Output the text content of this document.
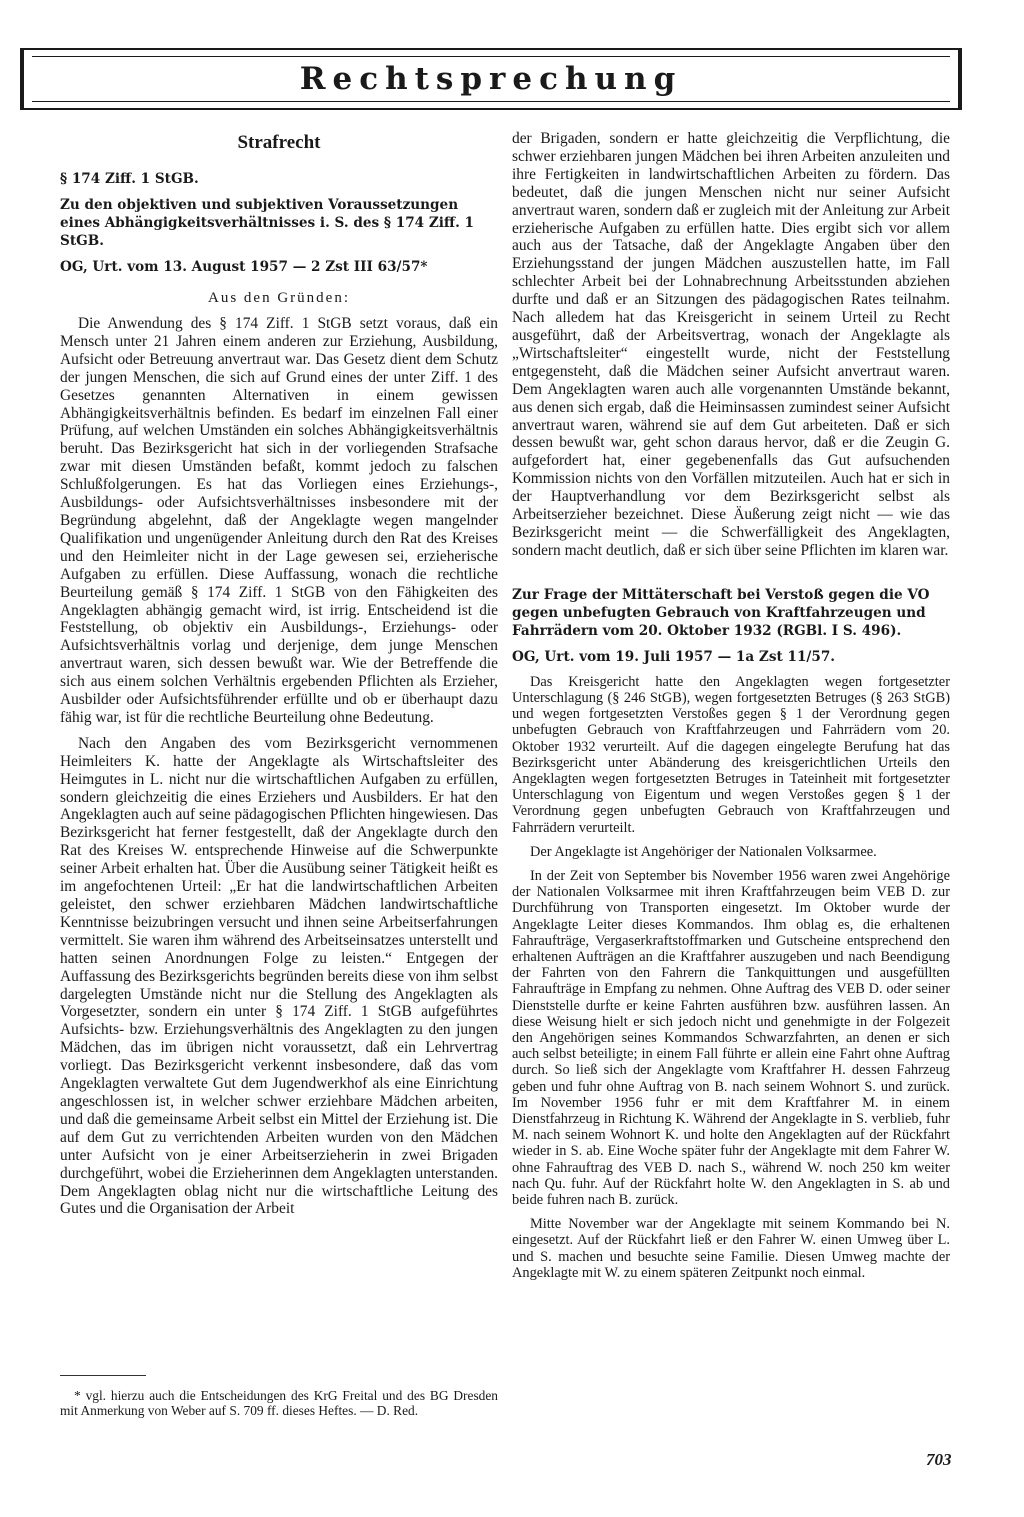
Rechtsprechung
Strafrecht
§ 174 Ziff. 1 StGB.
Zu den objektiven und subjektiven Voraussetzungen eines Abhängigkeitsverhältnisses i. S. des § 174 Ziff. 1 StGB.
OG, Urt. vom 13. August 1957 — 2 Zst III 63/57*
Aus den Gründen:

Die Anwendung des § 174 Ziff. 1 StGB setzt voraus, daß ein Mensch unter 21 Jahren einem anderen zur Erziehung, Ausbildung, Aufsicht oder Betreuung anvertraut war. Das Gesetz dient dem Schutz der jungen Menschen, die sich auf Grund eines der unter Ziff. 1 des Gesetzes genannten Alternativen in einem gewissen Abhängigkeitsverhältnis befinden. Es bedarf im einzelnen Fall einer Prüfung, auf welchen Umständen ein solches Abhängigkeitsverhältnis beruht. Das Bezirksgericht hat sich in der vorliegenden Strafsache zwar mit diesen Umständen befaßt, kommt jedoch zu falschen Schlußfolgerungen. Es hat das Vorliegen eines Erziehungs-, Ausbildungs- oder Aufsichtsverhältnisses insbesondere mit der Begründung abgelehnt, daß der Angeklagte wegen mangelnder Qualifikation und ungenügender Anleitung durch den Rat des Kreises und den Heimleiter nicht in der Lage gewesen sei, erzieherische Aufgaben zu erfüllen. Diese Auffassung, wonach die rechtliche Beurteilung gemäß § 174 Ziff. 1 StGB von den Fähigkeiten des Angeklagten abhängig gemacht wird, ist irrig. Entscheidend ist die Feststellung, ob objektiv ein Ausbildungs-, Erziehungs- oder Aufsichtsverhältnis vorlag und derjenige, dem junge Menschen anvertraut waren, sich dessen bewußt war. Wie der Betreffende die sich aus einem solchen Verhältnis ergebenden Pflichten als Erzieher, Ausbilder oder Aufsichtsführender erfüllte und ob er überhaupt dazu fähig war, ist für die rechtliche Beurteilung ohne Bedeutung.

Nach den Angaben des vom Bezirksgericht vernommenen Heimleiters K. hatte der Angeklagte als Wirtschaftsleiter des Heimgutes in L. nicht nur die wirtschaftlichen Aufgaben zu erfüllen, sondern gleichzeitig die eines Erziehers und Ausbilders. Er hat den Angeklagten auch auf seine pädagogischen Pflichten hingewiesen. Das Bezirksgericht hat ferner festgestellt, daß der Angeklagte durch den Rat des Kreises W. entsprechende Hinweise auf die Schwerpunkte seiner Arbeit erhalten hat. Über die Ausübung seiner Tätigkeit heißt es im angefochtenen Urteil: „Er hat die landwirtschaftlichen Arbeiten geleistet, den schwer erziehbaren Mädchen landwirtschaftliche Kenntnisse beizubringen versucht und ihnen seine Arbeitserfahrungen vermittelt. Sie waren ihm während des Arbeitseinsatzes unterstellt und hatten seinen Anordnungen Folge zu leisten.“ Entgegen der Auffassung des Bezirksgerichts begründen bereits diese von ihm selbst dargelegten Umstände nicht nur die Stellung des Angeklagten als Vorgesetzter, sondern ein unter § 174 Ziff. 1 StGB aufgeführtes Aufsichts- bzw. Erziehungsverhältnis des Angeklagten zu den jungen Mädchen, das im übrigen nicht voraussetzt, daß ein Lehrvertrag vorliegt. Das Bezirksgericht verkennt insbesondere, daß das vom Angeklagten verwaltete Gut dem Jugendwerkhof als eine Einrichtung angeschlossen ist, in welcher schwer erziehbare Mädchen arbeiten, und daß die gemeinsame Arbeit selbst ein Mittel der Erziehung ist. Die auf dem Gut zu verrichtenden Arbeiten wurden von den Mädchen unter Aufsicht von je einer Arbeitserzieherin in zwei Brigaden durchgeführt, wobei die Erzieherinnen dem Angeklagten unterstanden. Dem Angeklagten oblag nicht nur die wirtschaftliche Leitung des Gutes und die Organisation der Arbeit

der Brigaden, sondern er hatte gleichzeitig die Verpflichtung, die schwer erziehbaren jungen Mädchen bei ihren Arbeiten anzuleiten und ihre Fertigkeiten in landwirtschaftlichen Arbeiten zu fördern. Das bedeutet, daß die jungen Menschen nicht nur seiner Aufsicht anvertraut waren, sondern daß er zugleich mit der Anleitung zur Arbeit erzieherische Aufgaben zu erfüllen hatte. Dies ergibt sich vor allem auch aus der Tatsache, daß der Angeklagte Angaben über den Erziehungsstand der jungen Mädchen auszustellen hatte, im Fall schlechter Arbeit bei der Lohnabrechnung Arbeitsstunden abziehen durfte und daß er an Sitzungen des pädagogischen Rates teilnahm. Nach alledem hat das Kreisgericht in seinem Urteil zu Recht ausgeführt, daß der Arbeitsvertrag, wonach der Angeklagte als „Wirtschaftsleiter“ eingestellt wurde, nicht der Feststellung entgegensteht, daß die Mädchen seiner Aufsicht anvertraut waren. Dem Angeklagten waren auch alle vorgenannten Umstände bekannt, aus denen sich ergab, daß die Heiminsassen zumindest seiner Aufsicht anvertraut waren, während sie auf dem Gut arbeiteten. Daß er sich dessen bewußt war, geht schon daraus hervor, daß er die Zeugin G. aufgefordert hat, einer gegebenenfalls das Gut aufsuchenden Kommission nichts von den Vorfällen mitzuteilen. Auch hat er sich in der Hauptverhandlung vor dem Bezirksgericht selbst als Arbeitserzieher bezeichnet. Diese Äußerung zeigt nicht — wie das Bezirksgericht meint — die Schwerfälligkeit des Angeklagten, sondern macht deutlich, daß er sich über seine Pflichten im klaren war.

Zur Frage der Mittäterschaft bei Verstoß gegen die VO gegen unbefugten Gebrauch von Kraftfahrzeugen und Fahrrädern vom 20. Oktober 1932 (RGBl. I S. 496).
OG, Urt. vom 19. Juli 1957 — 1a Zst 11/57.

Das Kreisgericht hatte den Angeklagten wegen fortgesetzter Unterschlagung (§ 246 StGB), wegen fortgesetzten Betruges (§ 263 StGB) und wegen fortgesetzten Verstoßes gegen § 1 der Verordnung gegen unbefugten Gebrauch von Kraftfahrzeugen und Fahrrädern vom 20. Oktober 1932 verurteilt. Auf die dagegen eingelegte Berufung hat das Bezirksgericht unter Abänderung des kreisgerichtlichen Urteils den Angeklagten wegen fortgesetzten Betruges in Tateinheit mit fortgesetzter Unterschlagung von Eigentum und wegen Verstoßes gegen § 1 der Verordnung gegen unbefugten Gebrauch von Kraftfahrzeugen und Fahrrädern verurteilt.

Der Angeklagte ist Angehöriger der Nationalen Volksarmee.

In der Zeit von September bis November 1956 waren zwei Angehörige der Nationalen Volksarmee mit ihren Kraftfahrzeugen beim VEB D. zur Durchführung von Transporten eingesetzt. Im Oktober wurde der Angeklagte Leiter dieses Kommandos. Ihm oblag es, die erhaltenen Fahraufträge, Vergaserkraftstoffmarken und Gutscheine entsprechend den erhaltenen Aufträgen an die Kraftfahrer auszugeben und nach Beendigung der Fahrten von den Fahrern die Tankquittungen und ausgefüllten Fahraufträge in Empfang zu nehmen. Ohne Auftrag des VEB D. oder seiner Dienststelle durfte er keine Fahrten ausführen bzw. ausführen lassen. An diese Weisung hielt er sich jedoch nicht und genehmigte in der Folgezeit den Angehörigen seines Kommandos Schwarzfahrten, an denen er sich auch selbst beteiligte; in einem Fall führte er allein eine Fahrt ohne Auftrag durch. So ließ sich der Angeklagte vom Kraftfahrer H. dessen Fahrzeug geben und fuhr ohne Auftrag von B. nach seinem Wohnort S. und zurück. Im November 1956 fuhr er mit dem Kraftfahrer M. in einem Dienstfahrzeug in Richtung K. Während der Angeklagte in S. verblieb, fuhr M. nach seinem Wohnort K. und holte den Angeklagten auf der Rückfahrt wieder in S. ab. Eine Woche später fuhr der Angeklagte mit dem Fahrer W. ohne Fahrauftrag des VEB D. nach S., während W. noch 250 km weiter nach Qu. fuhr. Auf der Rückfahrt holte W. den Angeklagten in S. ab und beide fuhren nach B. zurück.

Mitte November war der Angeklagte mit seinem Kommando bei N. eingesetzt. Auf der Rückfahrt ließ er den Fahrer W. einen Umweg über L. und S. machen und besuchte seine Familie. Diesen Umweg machte der Angeklagte mit W. zu einem späteren Zeitpunkt noch einmal.

* vgl. hierzu auch die Entscheidungen des KrG Freital und des BG Dresden mit Anmerkung von Weber auf S. 709 ff. dieses Heftes. — D. Red.
703
